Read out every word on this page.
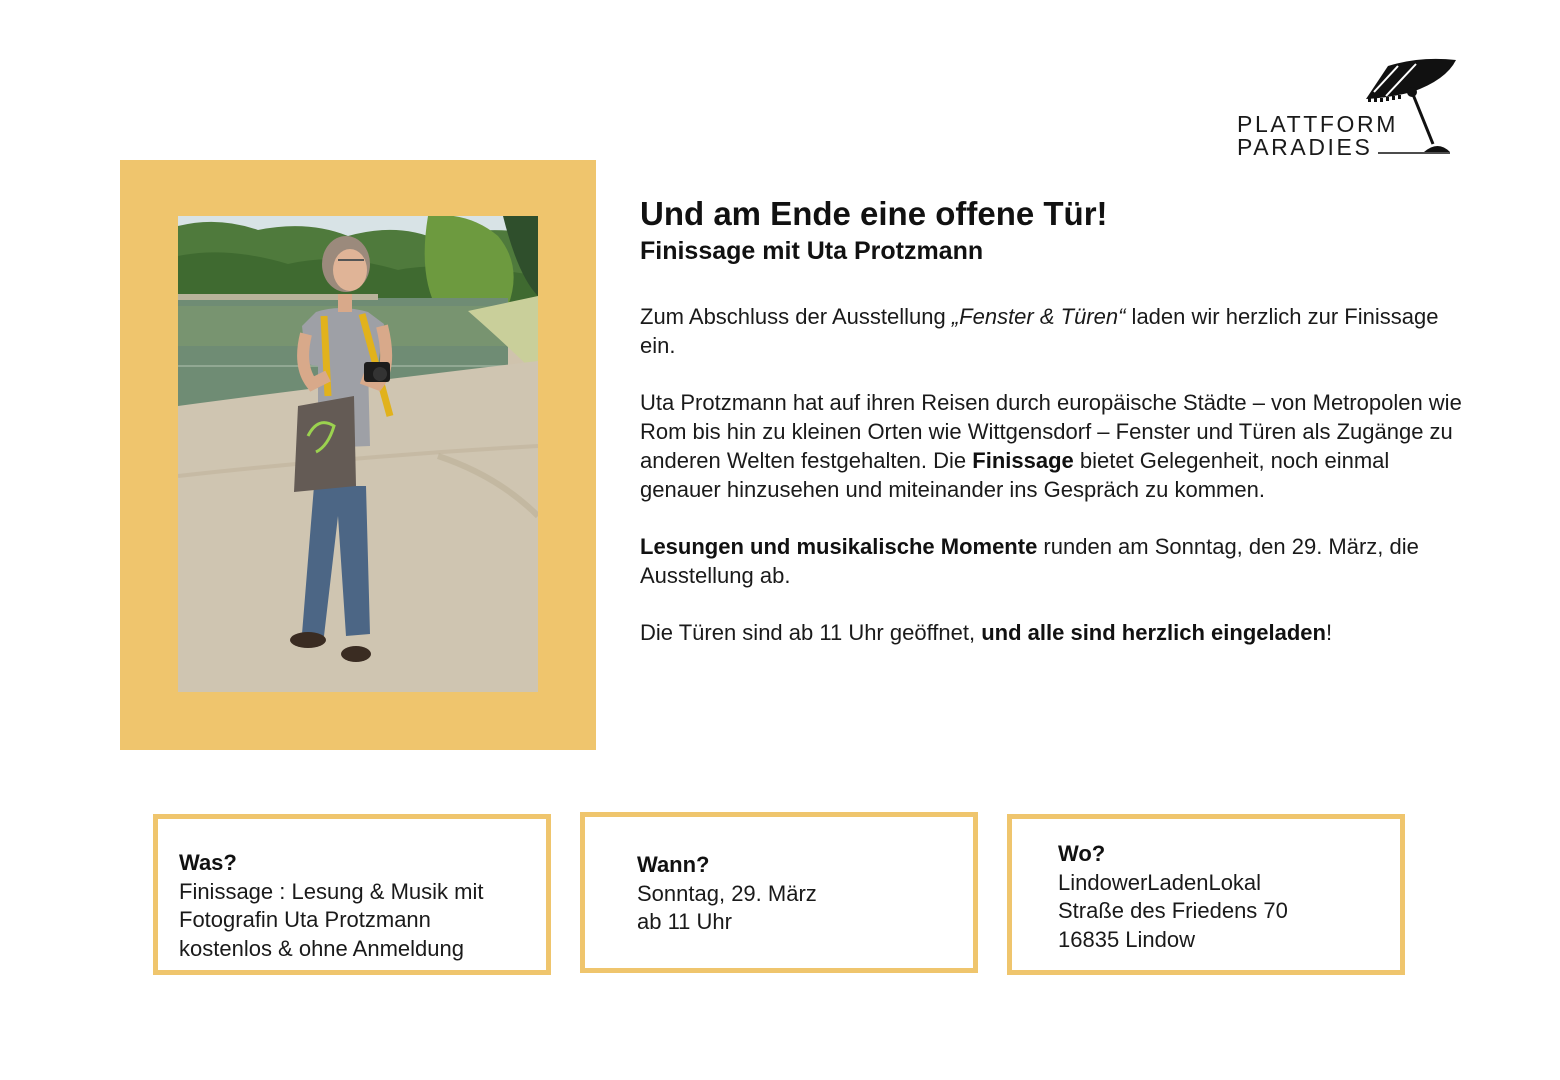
PLATTFORM
PARADIES
Und am Ende eine offene Tür!
Finissage mit Uta Protzmann

Zum Abschluss der Ausstellung „Fenster & Türen“ laden wir herzlich zur Finissage ein.

Uta Protzmann hat auf ihren Reisen durch europäische Städte – von Metropolen wie Rom bis hin zu kleinen Orten wie Wittgensdorf – Fenster und Türen als Zugänge zu anderen Welten festgehalten. Die Finissage bietet Gelegenheit, noch einmal genauer hinzusehen und miteinander ins Gespräch zu kommen.

Lesungen und musikalische Momente runden am Sonntag, den 29. März, die Ausstellung ab.

Die Türen sind ab 11 Uhr geöffnet, und alle sind herzlich eingeladen!

Was?
Finissage : Lesung & Musik mit
Fotografin Uta Protzmann
kostenlos & ohne Anmeldung
Wann?
Sonntag, 29. März
ab 11 Uhr
Wo?
LindowerLadenLokal
Straße des Friedens 70
16835 Lindow
